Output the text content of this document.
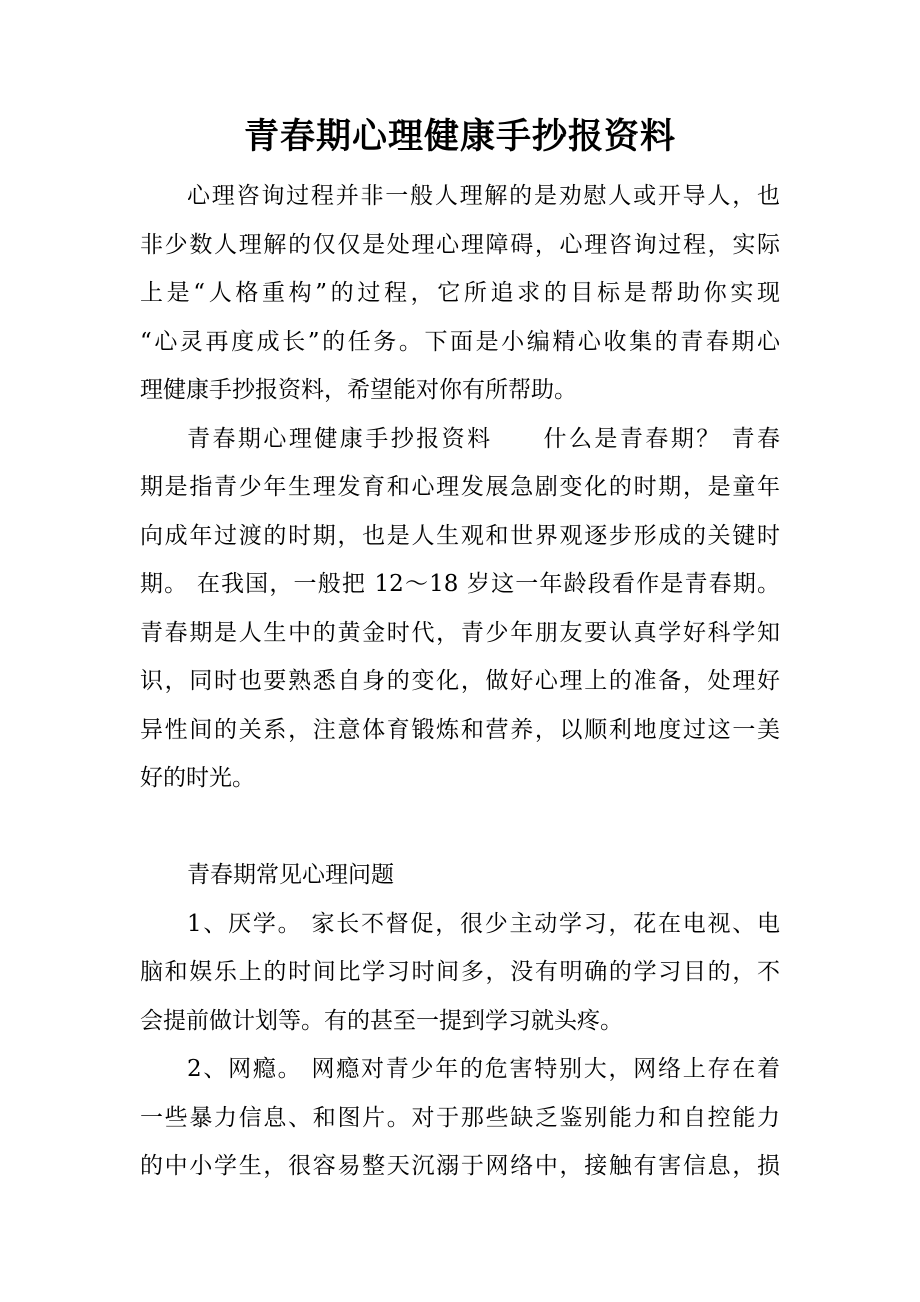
青春期心理健康手抄报资料
心理咨询过程并非一般人理解的是劝慰人或开导人，也
非少数人理解的仅仅是处理心理障碍，心理咨询过程，实际
上是“人格重构”的过程，它所追求的目标是帮助你实现
“心灵再度成长”的任务。下面是小编精心收集的青春期心
理健康手抄报资料，希望能对你有所帮助。
青春期心理健康手抄报资料　　什么是青春期？ 青春
期是指青少年生理发育和心理发展急剧变化的时期，是童年
向成年过渡的时期，也是人生观和世界观逐步形成的关键时
期。 在我国，一般把 12～18 岁这一年龄段看作是青春期。
青春期是人生中的黄金时代，青少年朋友要认真学好科学知
识，同时也要熟悉自身的变化，做好心理上的准备，处理好
异性间的关系，注意体育锻炼和营养，以顺利地度过这一美
好的时光。
青春期常见心理问题
1、厌学。 家长不督促，很少主动学习，花在电视、电
脑和娱乐上的时间比学习时间多，没有明确的学习目的，不
会提前做计划等。有的甚至一提到学习就头疼。
2、网瘾。 网瘾对青少年的危害特别大，网络上存在着
一些暴力信息、和图片。对于那些缺乏鉴别能力和自控能力
的中小学生，很容易整天沉溺于网络中，接触有害信息，损
